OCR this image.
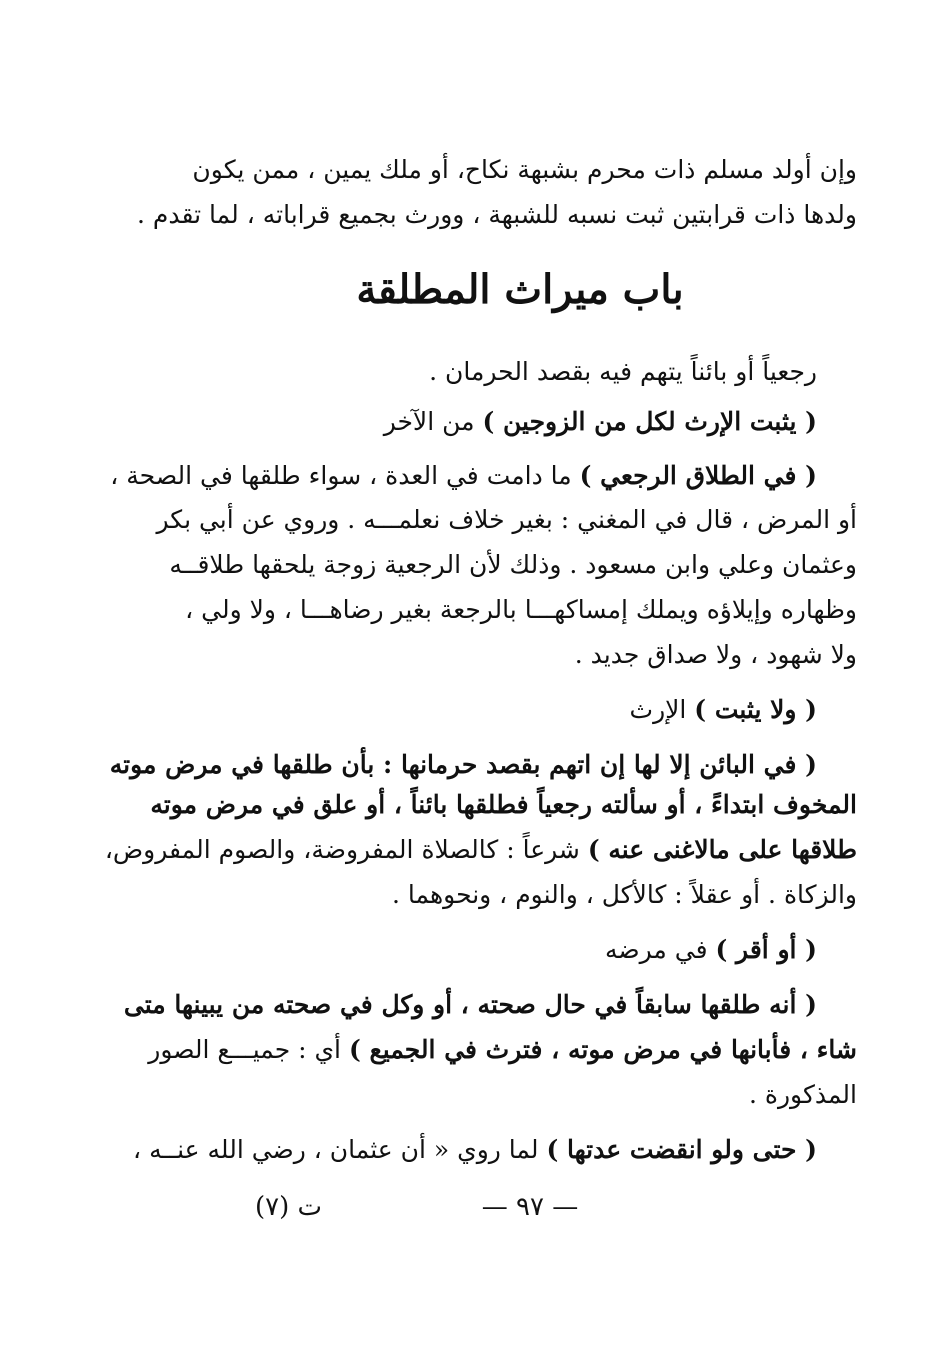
وإن أولد مسلم ذات محرم بشبهة نكاح، أو ملك يمين ، ممن يكون
ولدها ذات قرابتين ثبت نسبه للشبهة ، وورث بجميع قراباته ، لما تقدم .
باب ميراث المطلقة
رجعياً أو بائناً يتهم فيه بقصد الحرمان .
( يثبت الإرث لكل من الزوجين ) من الآخر
( في الطلاق الرجعي ) ما دامت في العدة ، سواء طلقها في الصحة ،
أو المرض ، قال في المغني : بغير خلاف نعلمـــه . وروي عن أبي بكر
وعثمان وعلي وابن مسعود . وذلك لأن الرجعية زوجة يلحقها طلاقــه
وظهاره وإيلاؤه ويملك إمساكهـــا بالرجعة بغير رضاهـــا ، ولا ولي ،
ولا شهود ، ولا صداق جديد .
( ولا يثبت ) الإرث
( في البائن إلا لها إن اتهم بقصد حرمانها : بأن طلقها في مرض موته
المخوف ابتداءً ، أو سألته رجعياً فطلقها بائناً ، أو علق في مرض موته
طلاقها على مالاغنى عنه ) شرعاً : كالصلاة المفروضة، والصوم المفروض،
والزكاة . أو عقلاً : كالأكل ، والنوم ، ونحوهما .
( أو أقر ) في مرضه
( أنه طلقها سابقاً في حال صحته ، أو وكل في صحته من يبينها متى
شاء ، فأبانها في مرض موته ، فترث في الجميع ) أي : جميـــع الصور
المذكورة .
( حتى ولو انقضت عدتها ) لما روي « أن عثمان ، رضي الله عنــه ،
— ٩٧ —
ت (٧)
